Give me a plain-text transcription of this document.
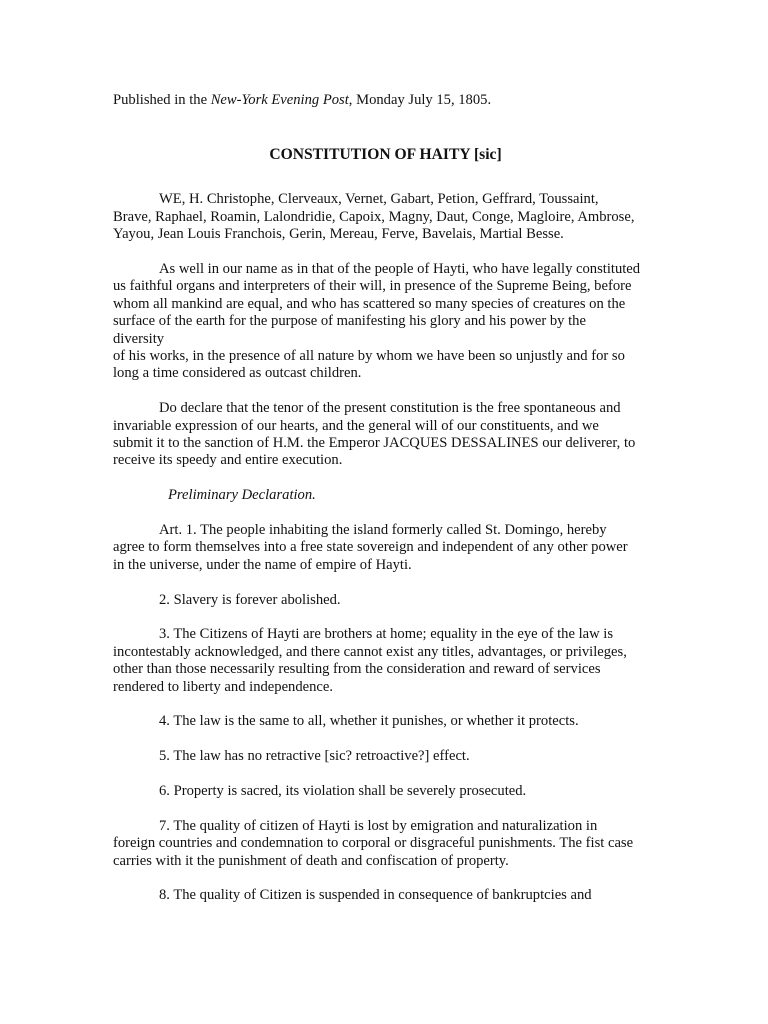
Published in the New-York Evening Post, Monday July 15, 1805.

CONSTITUTION OF HAITY [sic]

WE, H. Christophe, Clerveaux, Vernet, Gabart, Petion, Geffrard, Toussaint,
Brave, Raphael, Roamin, Lalondridie, Capoix, Magny, Daut, Conge, Magloire, Ambrose,
Yayou, Jean Louis Franchois, Gerin, Mereau, Ferve, Bavelais, Martial Besse.

As well in our name as in that of the people of Hayti, who have legally constituted
us faithful organs and interpreters of their will, in presence of the Supreme Being, before
whom all mankind are equal, and who has scattered so many species of creatures on the
surface of the earth for the purpose of manifesting his glory and his power by the
diversity
of his works, in the presence of all nature by whom we have been so unjustly and for so
long a time considered as outcast children.

Do declare that the tenor of the present constitution is the free spontaneous and
invariable expression of our hearts, and the general will of our constituents, and we
submit it to the sanction of H.M. the Emperor JACQUES DESSALINES our deliverer, to
receive its speedy and entire execution.

Preliminary Declaration.

Art. 1. The people inhabiting the island formerly called St. Domingo, hereby
agree to form themselves into a free state sovereign and independent of any other power
in the universe, under the name of empire of Hayti.

2. Slavery is forever abolished.

3. The Citizens of Hayti are brothers at home; equality in the eye of the law is
incontestably acknowledged, and there cannot exist any titles, advantages, or privileges,
other than those necessarily resulting from the consideration and reward of services
rendered to liberty and independence.

4. The law is the same to all, whether it punishes, or whether it protects.

5. The law has no retractive [sic? retroactive?] effect.

6. Property is sacred, its violation shall be severely prosecuted.

7. The quality of citizen of Hayti is lost by emigration and naturalization in
foreign countries and condemnation to corporal or disgraceful punishments. The fist case
carries with it the punishment of death and confiscation of property.

8. The quality of Citizen is suspended in consequence of bankruptcies and
